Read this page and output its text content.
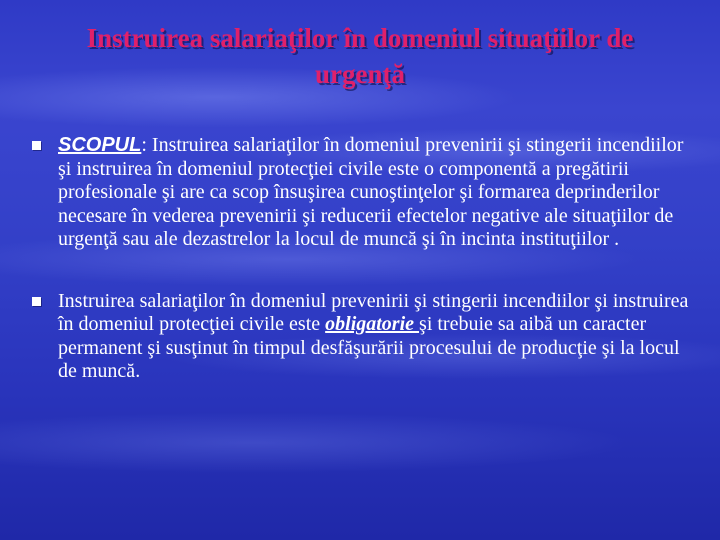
Instruirea salariaţilor în domeniul situaţiilor de
urgenţă
SCOPUL: Instruirea salariaţilor în domeniul prevenirii şi stingerii incendiilor şi instruirea în domeniul protecţiei civile este o componentă a pregătirii profesionale şi are ca scop însuşirea cunoştinţelor şi formarea deprinderilor necesare în vederea prevenirii şi reducerii efectelor negative ale situaţiilor de urgenţă sau ale dezastrelor la locul de muncă şi în incinta instituţiilor .
Instruirea salariaţilor în domeniul prevenirii şi stingerii incendiilor şi instruirea în domeniul protecţiei civile este obligatorie şi trebuie sa aibă un caracter permanent şi susţinut în timpul desfăşurării procesului de producţie şi la locul de muncă.
